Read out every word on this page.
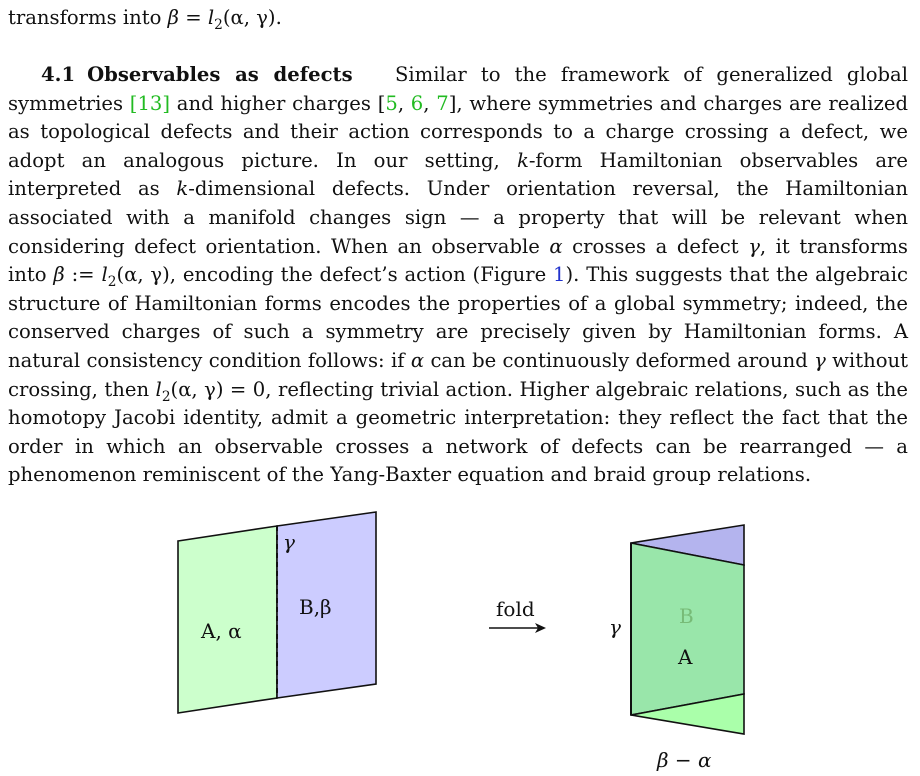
transforms into $\beta = l_2(\alpha$, γ).

4.1 Observables as defects Similar to the framework of generalized global symmetries [13] and higher charges [5, 6, 7], where symmetries and charges are realized as topological defects and their action corresponds to a charge crossing a defect, we adopt an analogous picture. In our setting, k-form Hamiltonian observables are interpreted as k-dimensional defects. Under orientation reversal, the Hamiltonian associated with a manifold changes sign — a property that will be relevant when considering defect orientation. When an observable α crosses a defect γ, it transforms into β := $l_2(\alpha$, γ), encoding the defect’s action (Figure 1). This suggests that the algebraic structure of Hamiltonian forms encodes the properties of a global symmetry; indeed, the conserved charges of such a symmetry are precisely given by Hamiltonian forms. A natural consistency condition follows: if α can be continuously deformed around γ without crossing, then $l_2(\alpha$, γ) = 0, reflecting trivial action. Higher algebraic relations, such as the homotopy Jacobi identity, admit a geometric interpretation: they reflect the fact that the order in which an observable crosses a network of defects can be rearranged — a phenomenon reminiscent of the Yang-Baxter equation and braid group relations.

γ
A, α
B,β	fold
γ	B
A
β − α
